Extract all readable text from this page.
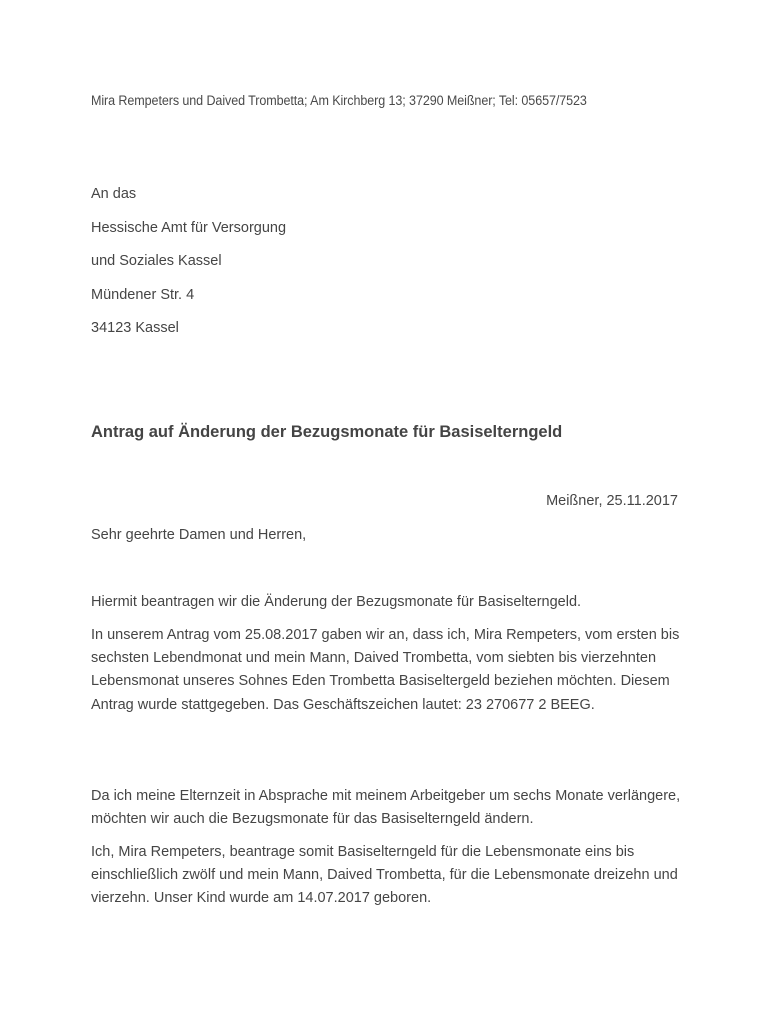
Mira Rempeters und Daived Trombetta; Am Kirchberg 13; 37290 Meißner; Tel: 05657/7523
An das
Hessische Amt für Versorgung
und Soziales Kassel
Mündener Str. 4
34123 Kassel
Antrag auf Änderung der Bezugsmonate für Basiselterngeld
Meißner, 25.11.2017
Sehr geehrte Damen und Herren,
Hiermit beantragen wir die Änderung der Bezugsmonate für Basiselterngeld.
In unserem Antrag vom 25.08.2017 gaben wir an, dass ich, Mira Rempeters, vom ersten bis sechsten Lebendmonat und mein Mann, Daived Trombetta, vom siebten bis vierzehnten Lebensmonat unseres Sohnes Eden Trombetta Basiseltergeld beziehen möchten. Diesem Antrag wurde stattgegeben. Das Geschäftszeichen lautet: 23 270677 2 BEEG.
Da ich meine Elternzeit in Absprache mit meinem Arbeitgeber um sechs Monate verlängere, möchten wir auch die Bezugsmonate für das Basiselterngeld ändern.
Ich, Mira Rempeters, beantrage somit Basiselterngeld für die Lebensmonate eins bis einschließlich zwölf und mein Mann, Daived Trombetta, für die Lebensmonate dreizehn und vierzehn. Unser Kind wurde am 14.07.2017 geboren.
